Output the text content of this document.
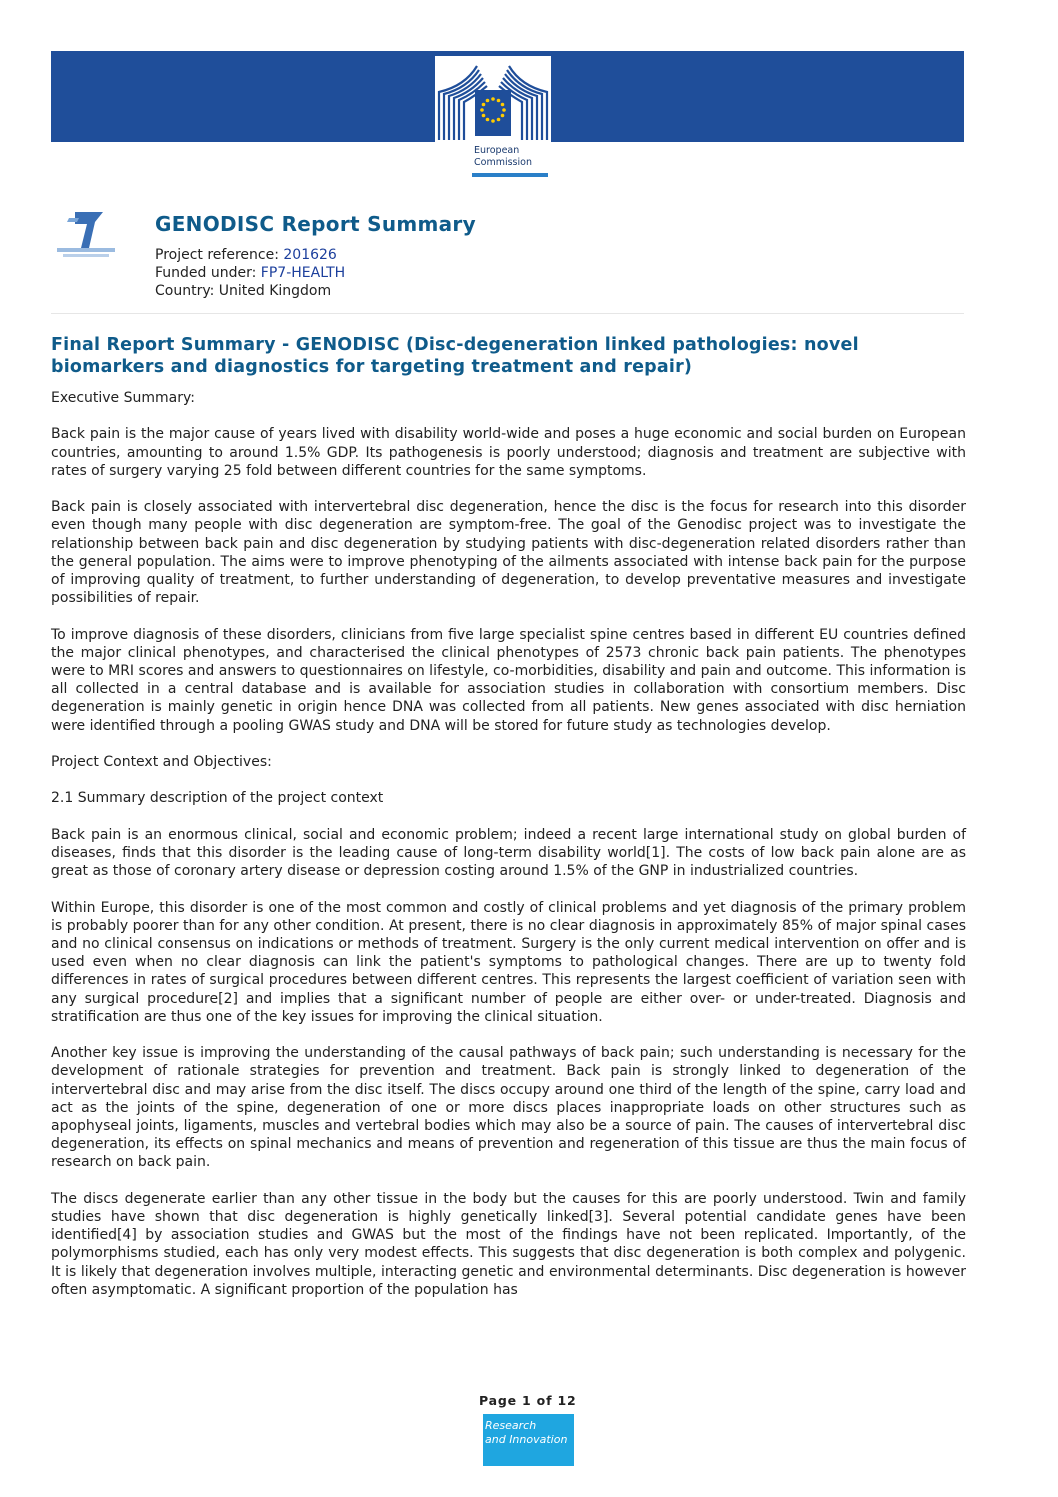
European
Commission
GENODISC Report Summary
Project reference: 201626
Funded under: FP7-HEALTH
Country: United Kingdom
Final Report Summary - GENODISC (Disc-degeneration linked pathologies: novel biomarkers and diagnostics for targeting treatment and repair)

Executive Summary:

Back pain is the major cause of years lived with disability world-wide and poses a huge economic and social burden on European countries, amounting to around 1.5% GDP. Its pathogenesis is poorly understood; diagnosis and treatment are subjective with rates of surgery varying 25 fold between different countries for the same symptoms.

Back pain is closely associated with intervertebral disc degeneration, hence the disc is the focus for research into this disorder even though many people with disc degeneration are symptom-free. The goal of the Genodisc project was to investigate the relationship between back pain and disc degeneration by studying patients with disc-degeneration related disorders rather than the general population. The aims were to improve phenotyping of the ailments associated with intense back pain for the purpose of improving quality of treatment, to further understanding of degeneration, to develop preventative measures and investigate possibilities of repair.

To improve diagnosis of these disorders, clinicians from five large specialist spine centres based in different EU countries defined the major clinical phenotypes, and characterised the clinical phenotypes of 2573 chronic back pain patients. The phenotypes were to MRI scores and answers to questionnaires on lifestyle, co-morbidities, disability and pain and outcome. This information is all collected in a central database and is available for association studies in collaboration with consortium members. Disc degeneration is mainly genetic in origin hence DNA was collected from all patients. New genes associated with disc herniation were identified through a pooling GWAS study and DNA will be stored for future study as technologies develop.

Project Context and Objectives:

2.1 Summary description of the project context

Back pain is an enormous clinical, social and economic problem; indeed a recent large international study on global burden of diseases, finds that this disorder is the leading cause of long-term disability world[1]. The costs of low back pain alone are as great as those of coronary artery disease or depression costing around 1.5% of the GNP in industrialized countries.

Within Europe, this disorder is one of the most common and costly of clinical problems and yet diagnosis of the primary problem is probably poorer than for any other condition. At present, there is no clear diagnosis in approximately 85% of major spinal cases and no clinical consensus on indications or methods of treatment. Surgery is the only current medical intervention on offer and is used even when no clear diagnosis can link the patient's symptoms to pathological changes. There are up to twenty fold differences in rates of surgical procedures between different centres. This represents the largest coefficient of variation seen with any surgical procedure[2] and implies that a significant number of people are either over- or under-treated. Diagnosis and stratification are thus one of the key issues for improving the clinical situation.

Another key issue is improving the understanding of the causal pathways of back pain; such understanding is necessary for the development of rationale strategies for prevention and treatment. Back pain is strongly linked to degeneration of the intervertebral disc and may arise from the disc itself. The discs occupy around one third of the length of the spine, carry load and act as the joints of the spine, degeneration of one or more discs places inappropriate loads on other structures such as apophyseal joints, ligaments, muscles and vertebral bodies which may also be a source of pain. The causes of intervertebral disc degeneration, its effects on spinal mechanics and means of prevention and regeneration of this tissue are thus the main focus of research on back pain.

The discs degenerate earlier than any other tissue in the body but the causes for this are poorly understood. Twin and family studies have shown that disc degeneration is highly genetically linked[3]. Several potential candidate genes have been identified[4] by association studies and GWAS but the most of the findings have not been replicated. Importantly, of the polymorphisms studied, each has only very modest effects. This suggests that disc degeneration is both complex and polygenic. It is likely that degeneration involves multiple, interacting genetic and environmental determinants. Disc degeneration is however often asymptomatic. A significant proportion of the population has

Page 1 of 12
Research
and Innovation
